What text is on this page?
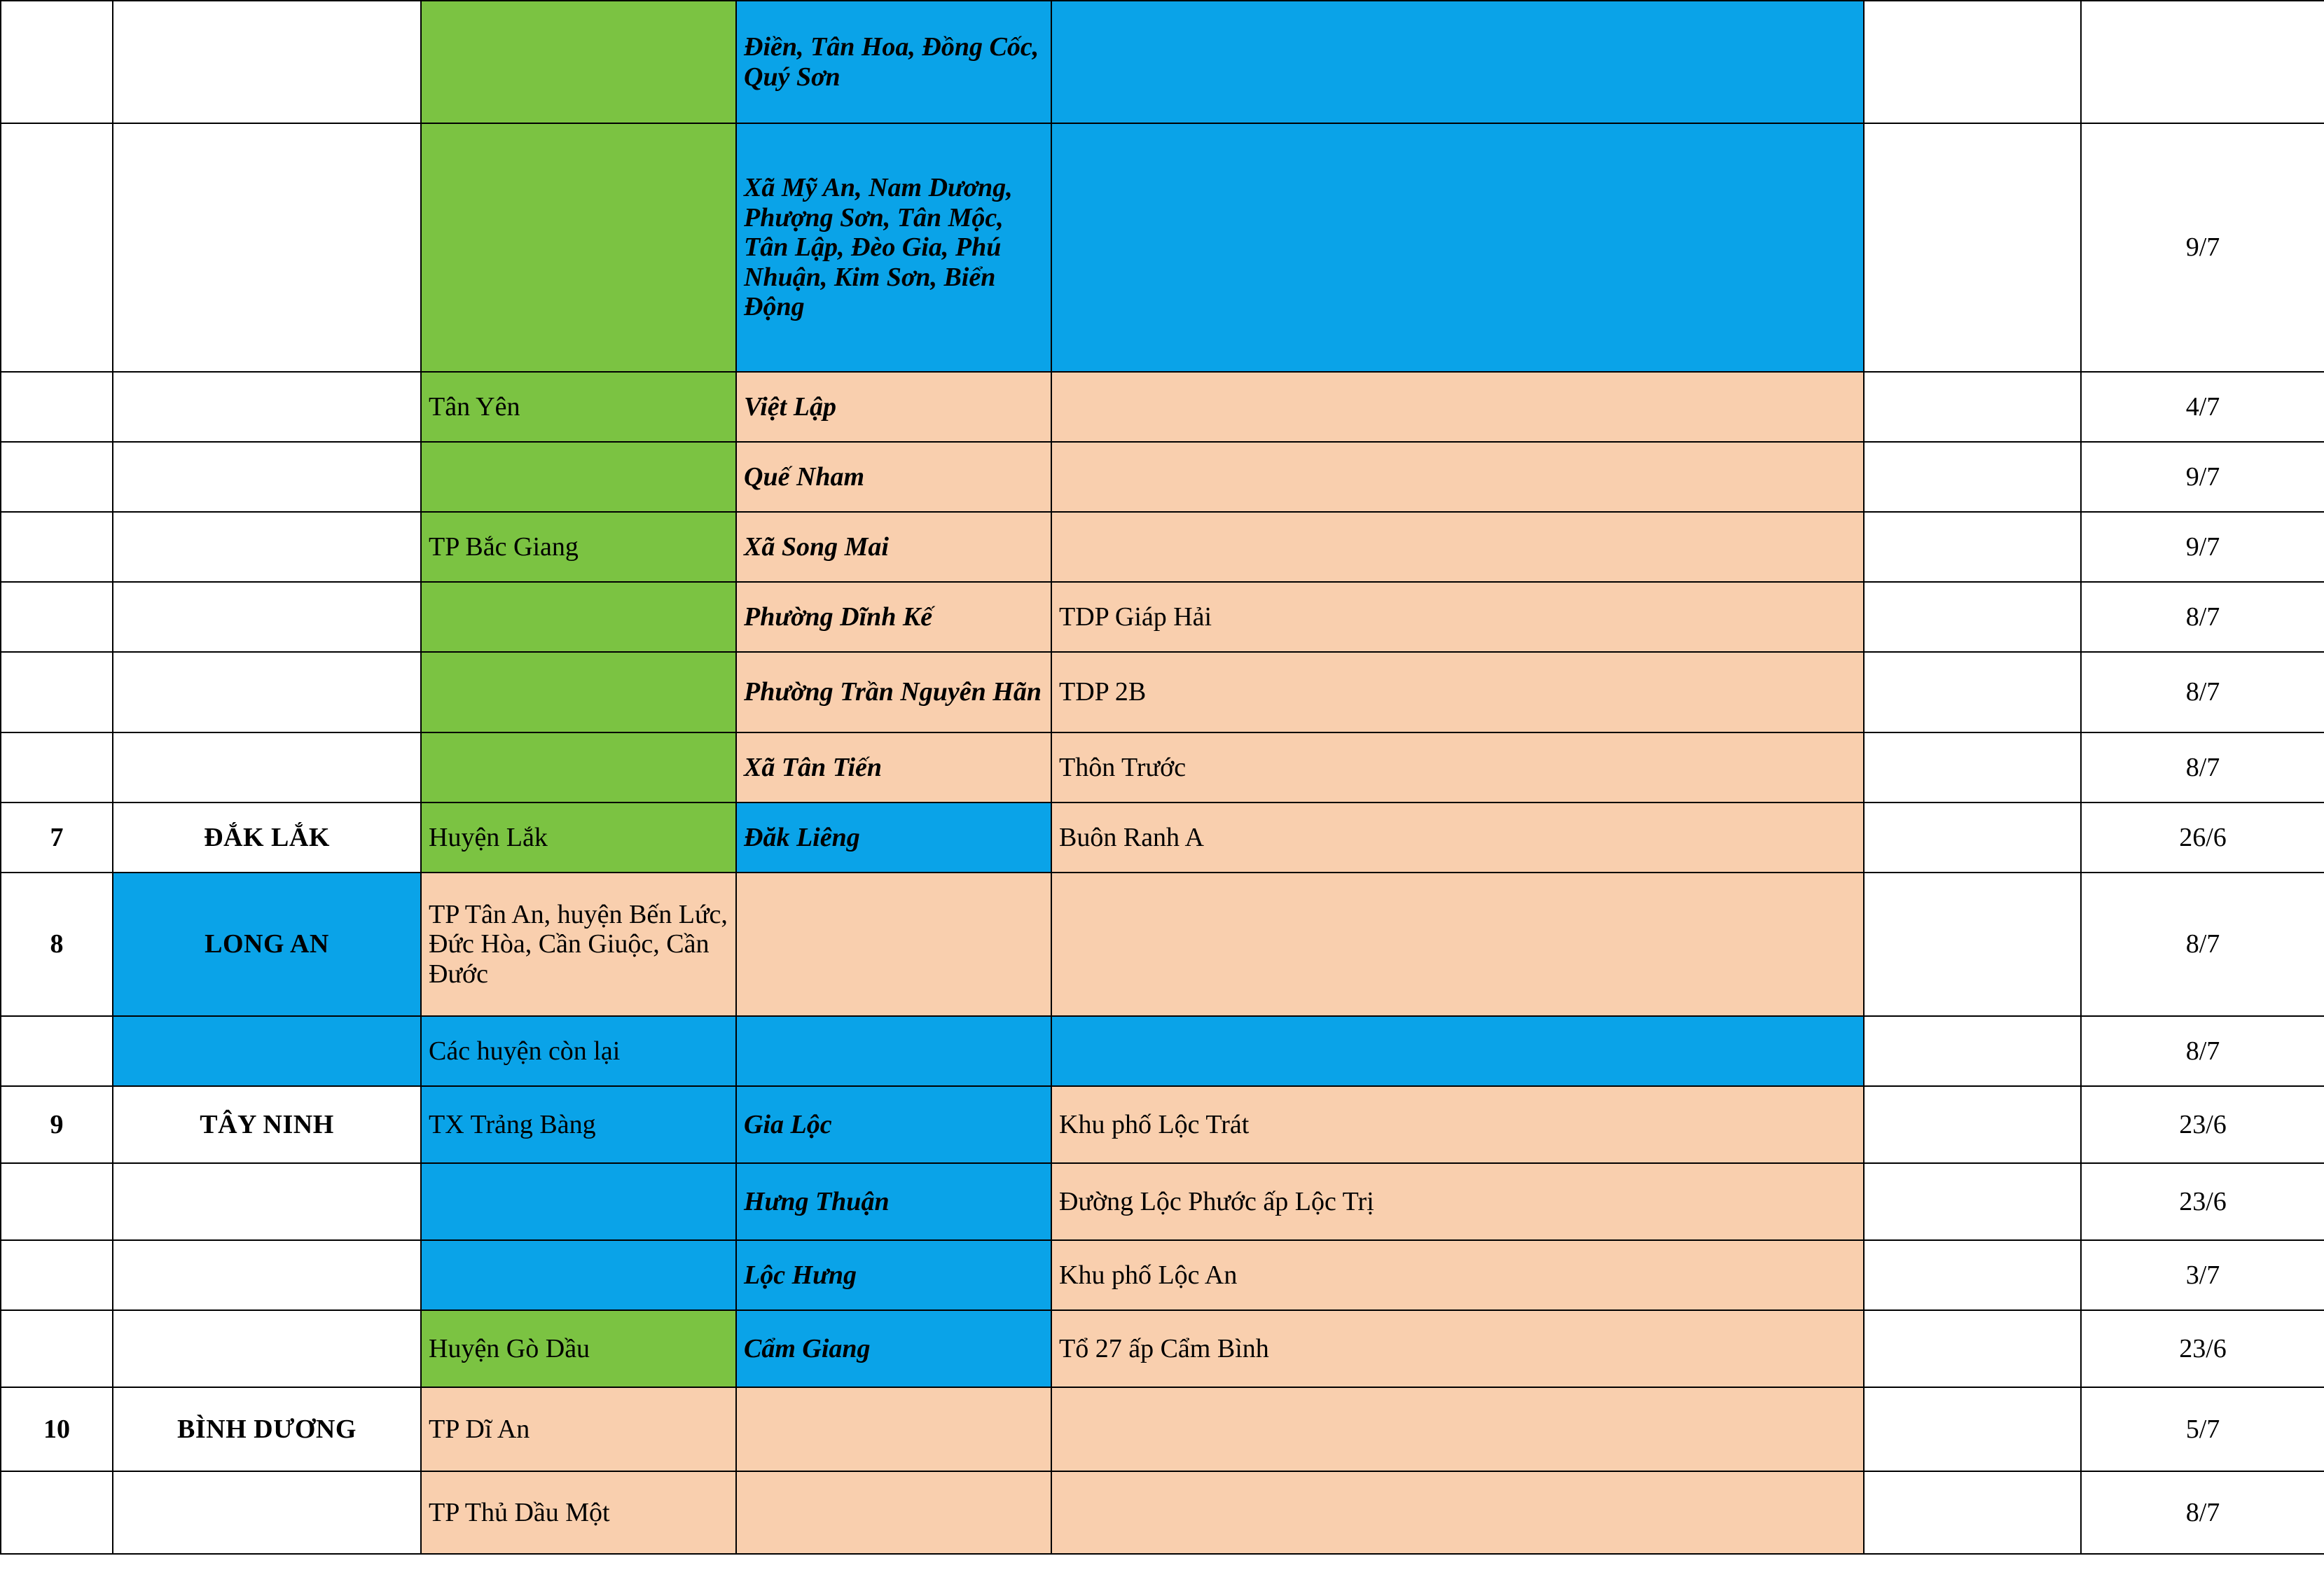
			Điền, Tân Hoa, Đồng Cốc, Quý Sơn			
			Xã Mỹ An, Nam Dương, Phượng Sơn, Tân Mộc, Tân Lập, Đèo Gia, Phú Nhuận, Kim Sơn, Biển Động			9/7
		Tân Yên	Việt Lập			4/7
			Quế Nham			9/7
		TP Bắc Giang	Xã Song Mai			9/7
			Phường Dĩnh Kế	TDP Giáp Hải		8/7
			Phường Trần Nguyên Hãn	TDP 2B		8/7
			Xã Tân Tiến	Thôn Trước		8/7
7	ĐẮK LẮK	Huyện Lắk	Đăk Liêng	Buôn Ranh A		26/6
8	LONG AN	TP Tân An, huyện Bến Lức, Đức Hòa, Cần Giuộc, Cần Đước				8/7
		Các huyện còn lại				8/7
9	TÂY NINH	TX Trảng Bàng	Gia Lộc	Khu phố Lộc Trát		23/6
			Hưng Thuận	Đường Lộc Phước ấp Lộc Trị		23/6
			Lộc Hưng	Khu phố Lộc An		3/7
		Huyện Gò Dầu	Cẩm Giang	Tổ 27 ấp Cẩm Bình		23/6
10	BÌNH DƯƠNG	TP Dĩ An				5/7
		TP Thủ Dầu Một				8/7
